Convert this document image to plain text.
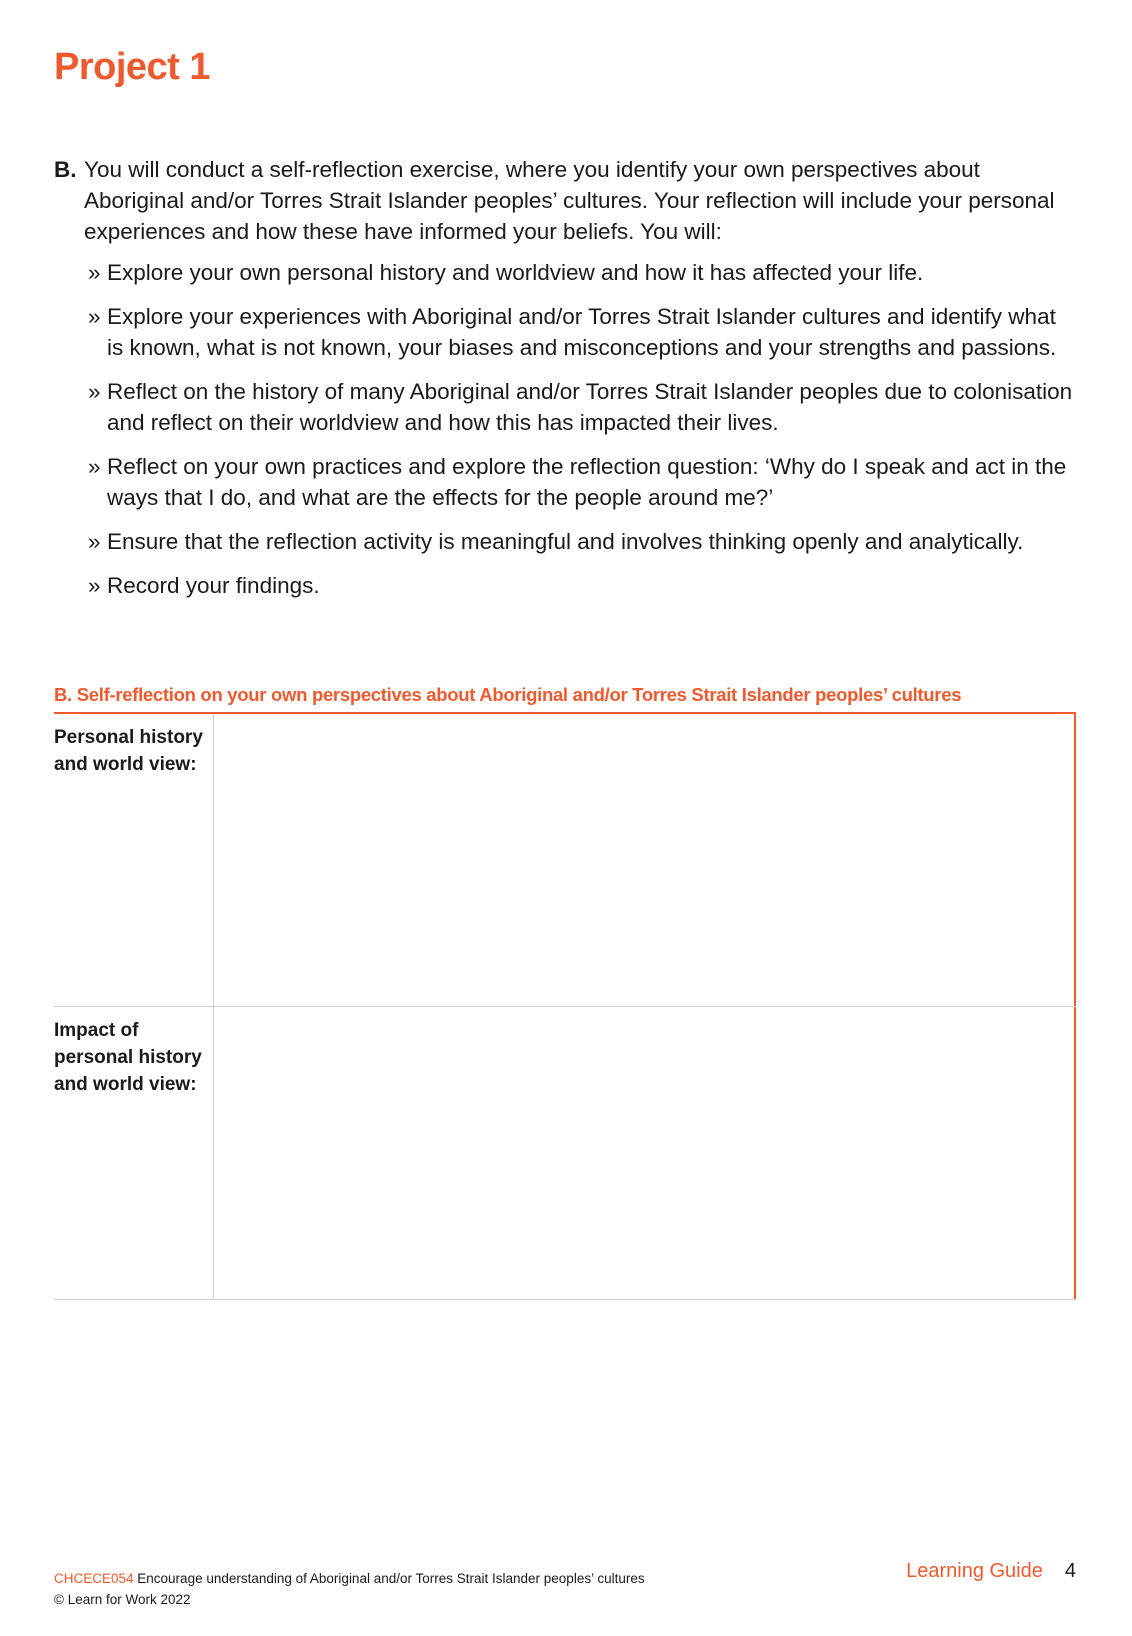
Project 1

B. You will conduct a self-reflection exercise, where you identify your own perspectives about Aboriginal and/or Torres Strait Islander peoples’ cultures. Your reflection will include your personal experiences and how these have informed your beliefs. You will:

» Explore your own personal history and worldview and how it has affected your life.
» Explore your experiences with Aboriginal and/or Torres Strait Islander cultures and identify what is known, what is not known, your biases and misconceptions and your strengths and passions.
» Reflect on the history of many Aboriginal and/or Torres Strait Islander peoples due to colonisation and reflect on their worldview and how this has impacted their lives.
» Reflect on your own practices and explore the reflection question: ‘Why do I speak and act in the ways that I do, and what are the effects for the people around me?’
» Ensure that the reflection activity is meaningful and involves thinking openly and analytically.
» Record your findings.
B. Self-reflection on your own perspectives about Aboriginal and/or Torres Strait Islander peoples’ cultures
Personal history and world view:
Impact of personal history and world view:
CHCECE054 Encourage understanding of Aboriginal and/or Torres Strait Islander peoples’ cultures
© Learn for Work 2022
Learning Guide 4
